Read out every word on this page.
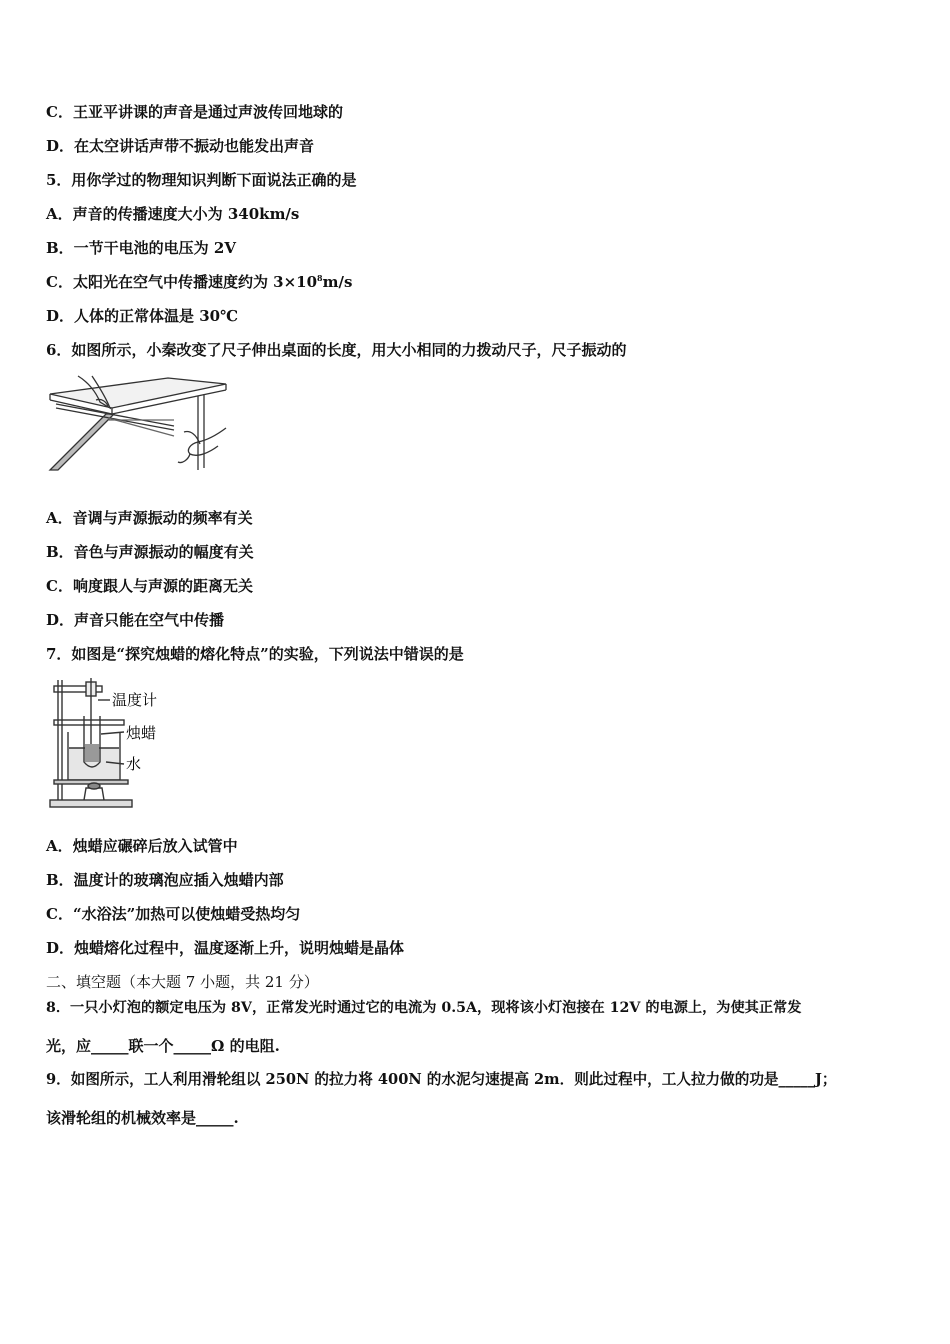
C．王亚平讲课的声音是通过声波传回地球的
D．在太空讲话声带不振动也能发出声音
5．用你学过的物理知识判断下面说法正确的是
A．声音的传播速度大小为 340km/s
B．一节干电池的电压为 2V
C．太阳光在空气中传播速度约为 $3\times 10^8m/s$
D．人体的正常体温是 30℃
6．如图所示，小秦改变了尺子伸出桌面的长度，用大小相同的力拨动尺子，尺子振动的
A．音调与声源振动的频率有关
B．音色与声源振动的幅度有关
C．响度跟人与声源的距离无关
D．声音只能在空气中传播
7．如图是“探究烛蜡的熔化特点”的实验，下列说法中错误的是
温度计
烛蜡
水
A．烛蜡应碾碎后放入试管中
B．温度计的玻璃泡应插入烛蜡内部
C．“水浴法”加热可以使烛蜡受热均匀
D．烛蜡熔化过程中，温度逐渐上升，说明烛蜡是晶体
二、填空题（本大题 7 小题，共 21 分）
8．一只小灯泡的额定电压为 8V，正常发光时通过它的电流为 0.5A，现将该小灯泡接在 12V 的电源上，为使其正常发
光，应_____联一个_____Ω 的电阻.
9．如图所示，工人利用滑轮组以 250N 的拉力将 400N 的水泥匀速提高 2m．则此过程中，工人拉力做的功是_____J；
该滑轮组的机械效率是_____.
